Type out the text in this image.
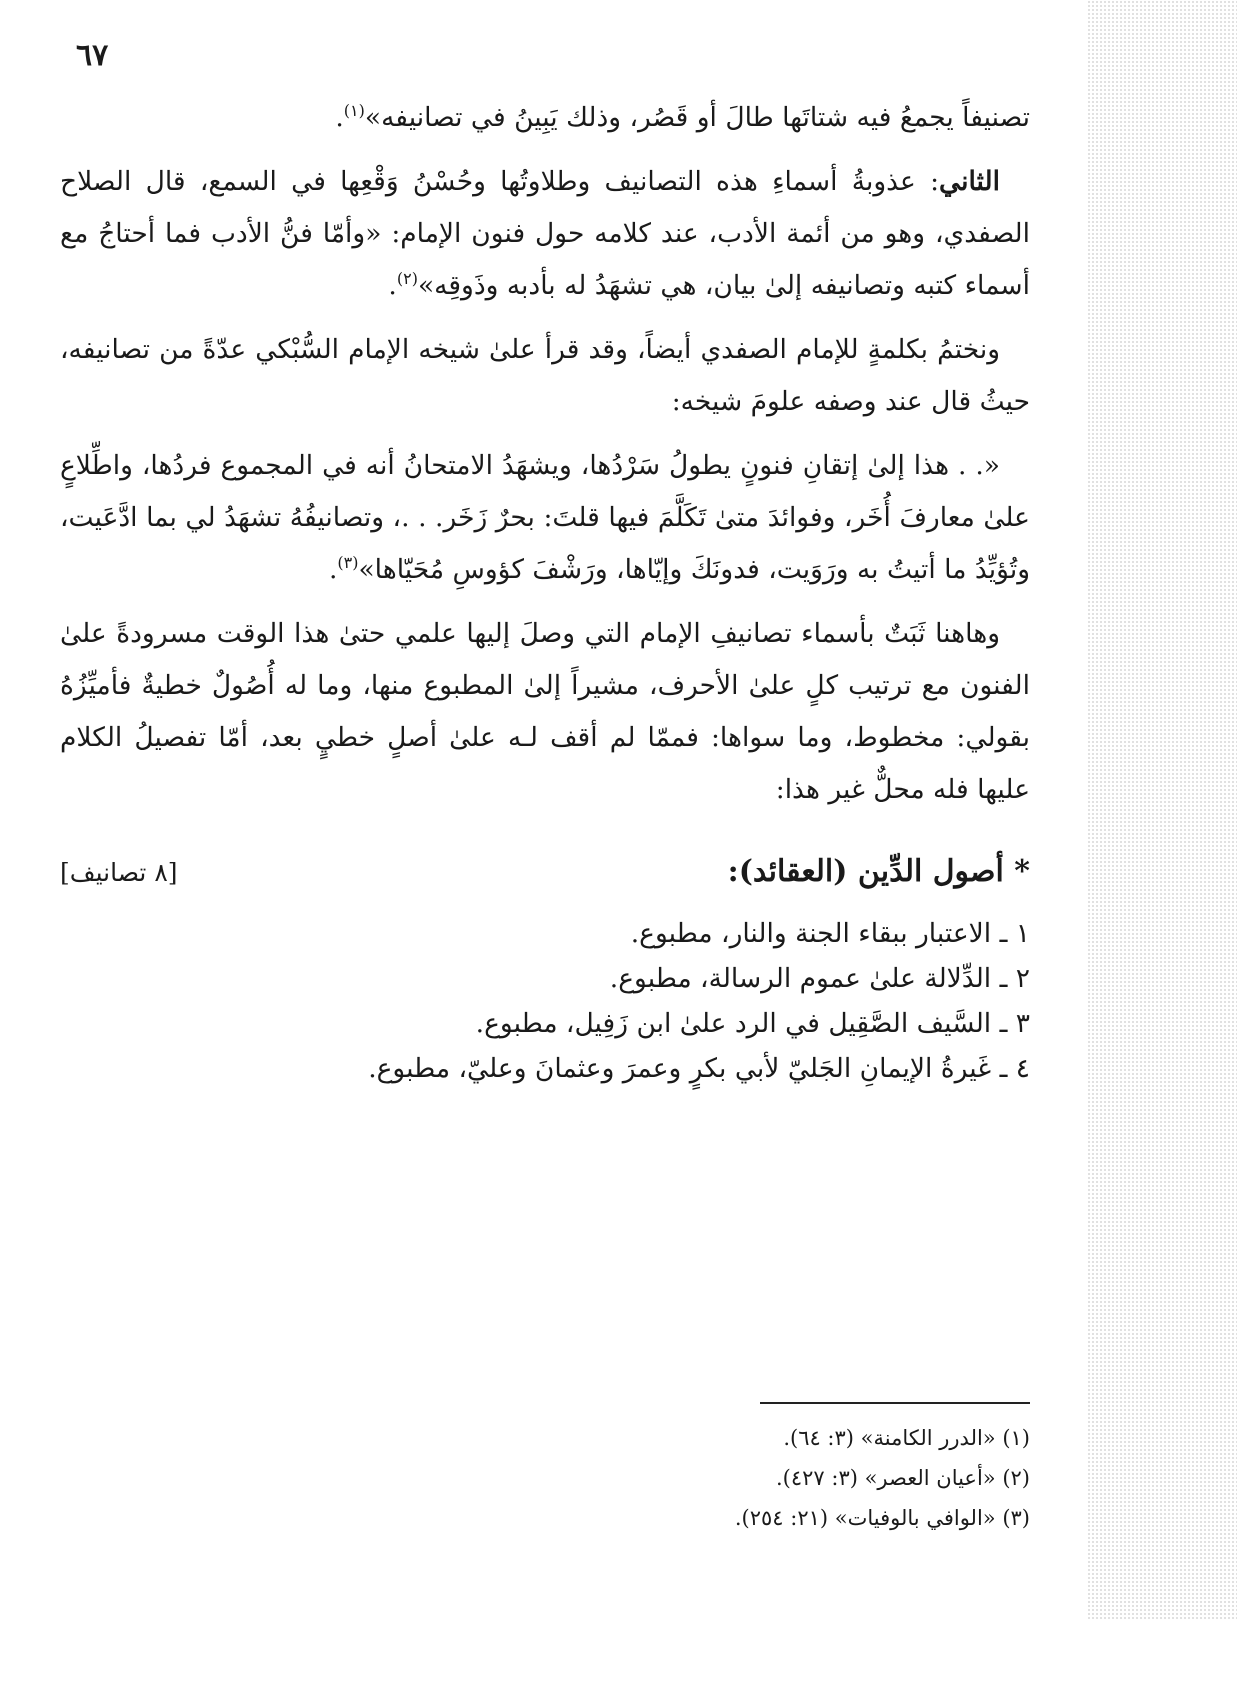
٦٧

تصنيفاً يجمعُ فيه شتاتَها طالَ أو قَصُر، وذلك يَبِينُ في تصانيفه»$^{(١)}$.

الثاني: عذوبةُ أسماءِ هذه التصانيف وطلاوتُها وحُسْنُ وَقْعِها في السمع، قال الصلاح الصفدي، وهو من أئمة الأدب، عند كلامه حول فنون الإمام: «وأمّا فنُّ الأدب فما أحتاجُ مع أسماء كتبه وتصانيفه إلىٰ بيان، هي تشهَدُ له بأدبه وذَوقِه»$^{(٢)}$.

ونختمُ بكلمةٍ للإمام الصفدي أيضاً، وقد قرأ علىٰ شيخه الإمام السُّبْكي عدّةً من تصانيفه، حيثُ قال عند وصفه علومَ شيخه:

«. . هذا إلىٰ إتقانِ فنونٍ يطولُ سَرْدُها، ويشهَدُ الامتحانُ أنه في المجموع فردُها، واطِّلاعٍ علىٰ معارفَ أُخَر، وفوائدَ متىٰ تَكَلَّمَ فيها قلتَ: بحرٌ زَخَر. . .، وتصانيفُهُ تشهَدُ لي بما ادَّعَيت، وتُؤيِّدُ ما أتيتُ به ورَوَيت، فدونَكَ وإيّاها، ورَشْفَ كؤوسِ مُحَيّاها»$^{(٣)}$.

وهاهنا ثَبَتٌ بأسماء تصانيفِ الإمام التي وصلَ إليها علمي حتىٰ هذا الوقت مسرودةً علىٰ الفنون مع ترتيب كلٍ علىٰ الأحرف، مشيراً إلىٰ المطبوع منها، وما له أُصُولٌ خطيةٌ فأميِّزُهُ بقولي: مخطوط، وما سواها: فممّا لم أقف لـه علىٰ أصلٍ خطيٍ بعد، أمّا تفصيلُ الكلام عليها فله محلٌّ غير هذا:

* أصول الدِّين (العقائد):
[٨ تصانيف]
١ ـ الاعتبار ببقاء الجنة والنار، مطبوع.
٢ ـ الدِّلالة علىٰ عموم الرسالة، مطبوع.
٣ ـ السَّيف الصَّقِيل في الرد علىٰ ابن زَفِيل، مطبوع.
٤ ـ غَيرةُ الإيمانِ الجَليّ لأبي بكرٍ وعمرَ وعثمانَ وعليّ، مطبوع.
(١) «الدرر الكامنة» (٣: ٦٤).
(٢) «أعيان العصر» (٣: ٤٢٧).
(٣) «الوافي بالوفيات» (٢١: ٢٥٤).
